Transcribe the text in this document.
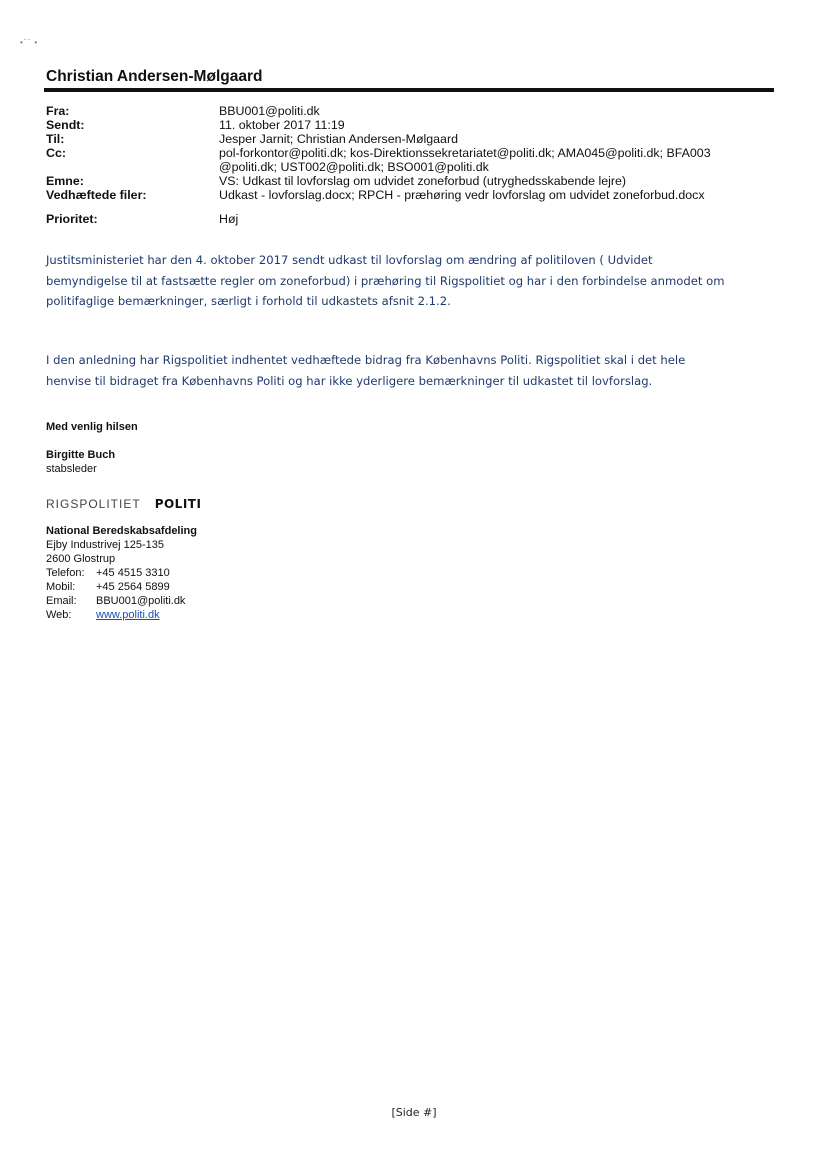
•´¨ •
Christian Andersen-Mølgaard
Fra:	BBU001@politi.dk
Sendt:	11. oktober 2017 11:19
Til:	Jesper Jarnit; Christian Andersen-Mølgaard
Cc:	pol-forkontor@politi.dk; kos-Direktionssekretariatet@politi.dk; AMA045@politi.dk; BFA003
@politi.dk; UST002@politi.dk; BSO001@politi.dk
Emne:	VS: Udkast til lovforslag om udvidet zoneforbud (utryghedsskabende lejre)
Vedhæftede filer:	Udkast - lovforslag.docx; RPCH - præhøring vedr lovforslag om udvidet zoneforbud.docx
Prioritet:	Høj
Justitsministeriet har den 4. oktober 2017 sendt udkast til lovforslag om ændring af politiloven ( Udvidet
bemyndigelse til at fastsætte regler om zoneforbud) i præhøring til Rigspolitiet og har i den forbindelse anmodet om
politifaglige bemærkninger, særligt i forhold til udkastets afsnit 2.1.2.
I den anledning har Rigspolitiet indhentet vedhæftede bidrag fra Københavns Politi. Rigspolitiet skal i det hele
henvise til bidraget fra Københavns Politi og har ikke yderligere bemærkninger til udkastet til lovforslag.
Med venlig hilsen
Birgitte Buch
stabsleder
RIGSPOLITIET POLITI
National Beredskabsafdeling
Ejby Industrivej 125-135
2600 Glostrup
Telefon:	+45 4515 3310
Mobil:	+45 2564 5899
Email:	BBU001@politi.dk
Web:	www.politi.dk
[Side #]
